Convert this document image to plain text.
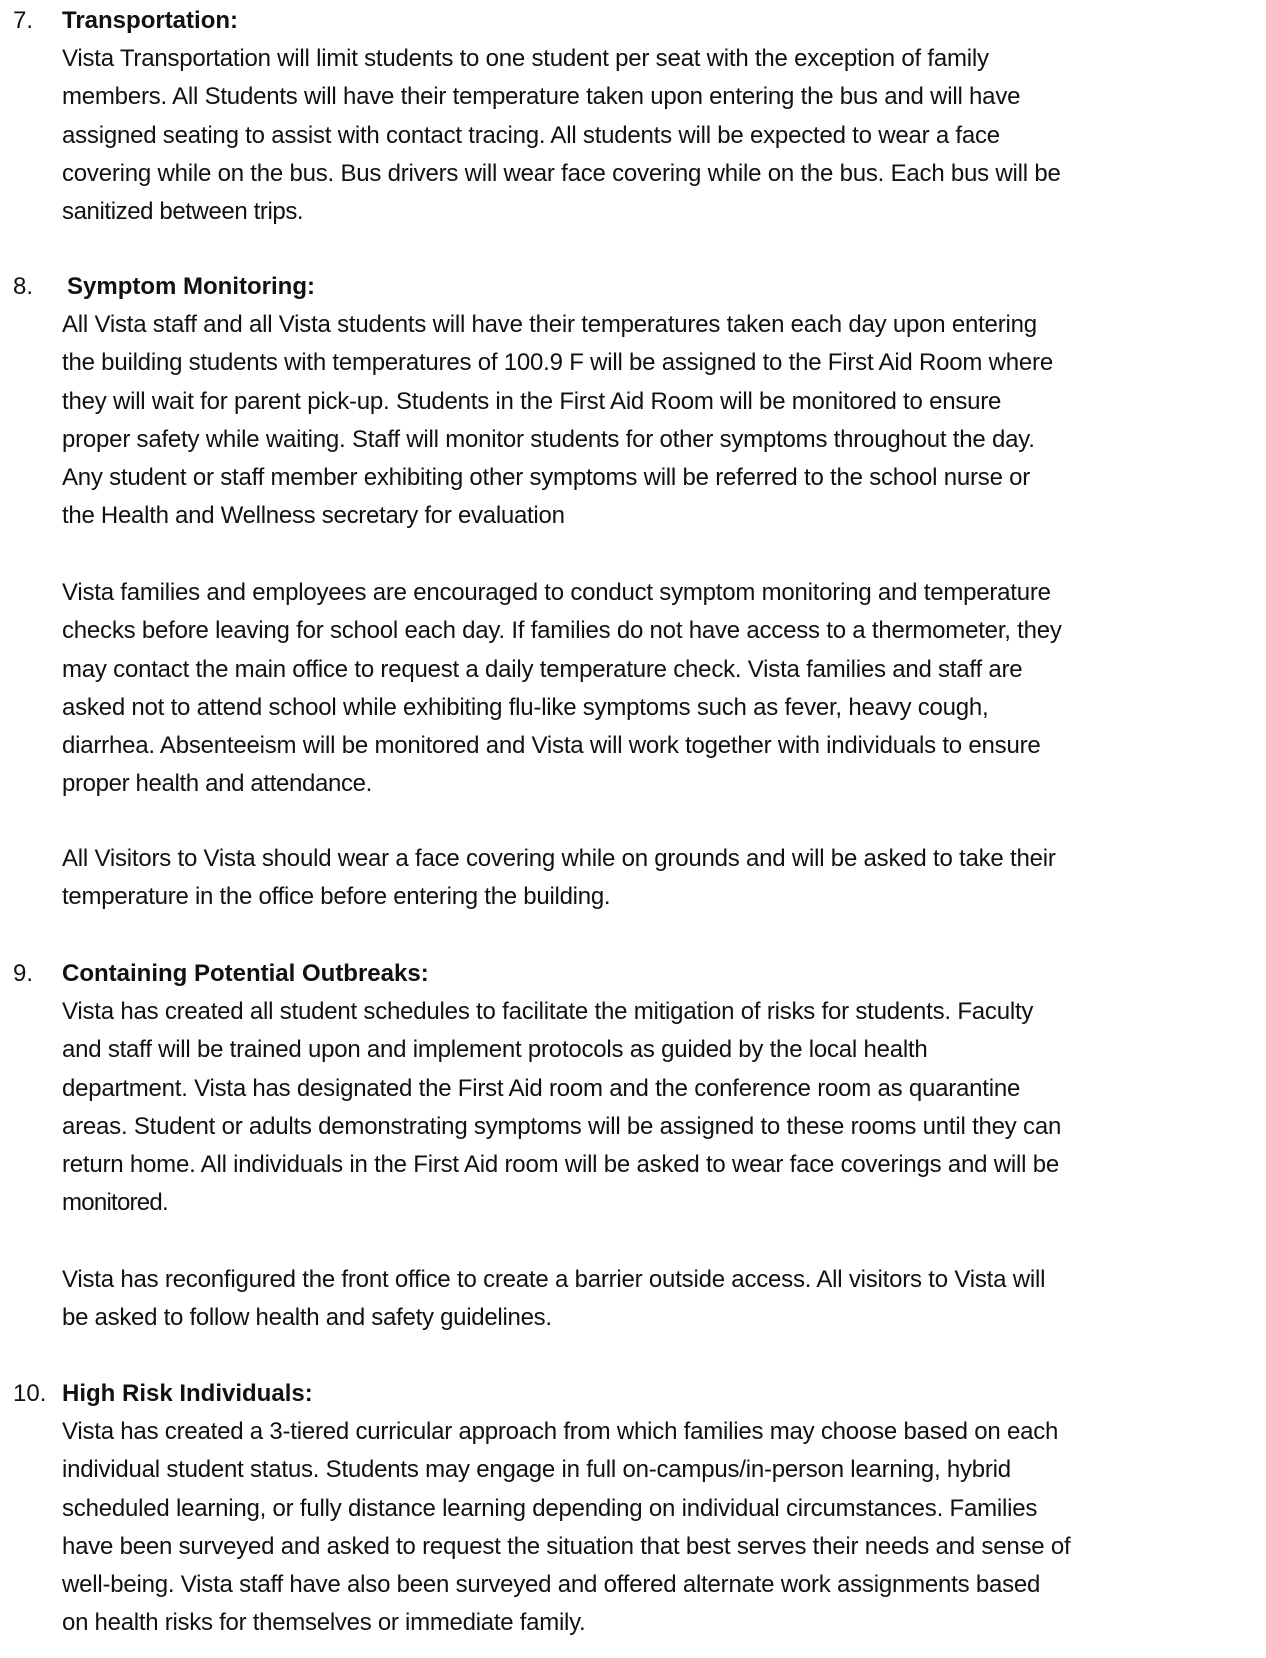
7. Transportation:
Vista Transportation will limit students to one student per seat with the exception of family
members. All Students will have their temperature taken upon entering the bus and will have
assigned seating to assist with contact tracing. All students will be expected to wear a face
covering while on the bus. Bus drivers will wear face covering while on the bus. Each bus will be
sanitized between trips.
8. Symptom Monitoring:
All Vista staff and all Vista students will have their temperatures taken each day upon entering
the building students with temperatures of 100.9 F will be assigned to the First Aid Room where
they will wait for parent pick-up. Students in the First Aid Room will be monitored to ensure
proper safety while waiting. Staff will monitor students for other symptoms throughout the day.
Any student or staff member exhibiting other symptoms will be referred to the school nurse or
the Health and Wellness secretary for evaluation
Vista families and employees are encouraged to conduct symptom monitoring and temperature
checks before leaving for school each day. If families do not have access to a thermometer, they
may contact the main office to request a daily temperature check. Vista families and staff are
asked not to attend school while exhibiting flu-like symptoms such as fever, heavy cough,
diarrhea. Absenteeism will be monitored and Vista will work together with individuals to ensure
proper health and attendance.
All Visitors to Vista should wear a face covering while on grounds and will be asked to take their
temperature in the office before entering the building.
9. Containing Potential Outbreaks:
Vista has created all student schedules to facilitate the mitigation of risks for students. Faculty
and staff will be trained upon and implement protocols as guided by the local health
department. Vista has designated the First Aid room and the conference room as quarantine
areas. Student or adults demonstrating symptoms will be assigned to these rooms until they can
return home. All individuals in the First Aid room will be asked to wear face coverings and will be
monitored.
Vista has reconfigured the front office to create a barrier outside access. All visitors to Vista will
be asked to follow health and safety guidelines.
10. High Risk Individuals:
Vista has created a 3-tiered curricular approach from which families may choose based on each
individual student status. Students may engage in full on-campus/in-person learning, hybrid
scheduled learning, or fully distance learning depending on individual circumstances. Families
have been surveyed and asked to request the situation that best serves their needs and sense of
well-being. Vista staff have also been surveyed and offered alternate work assignments based
on health risks for themselves or immediate family.
